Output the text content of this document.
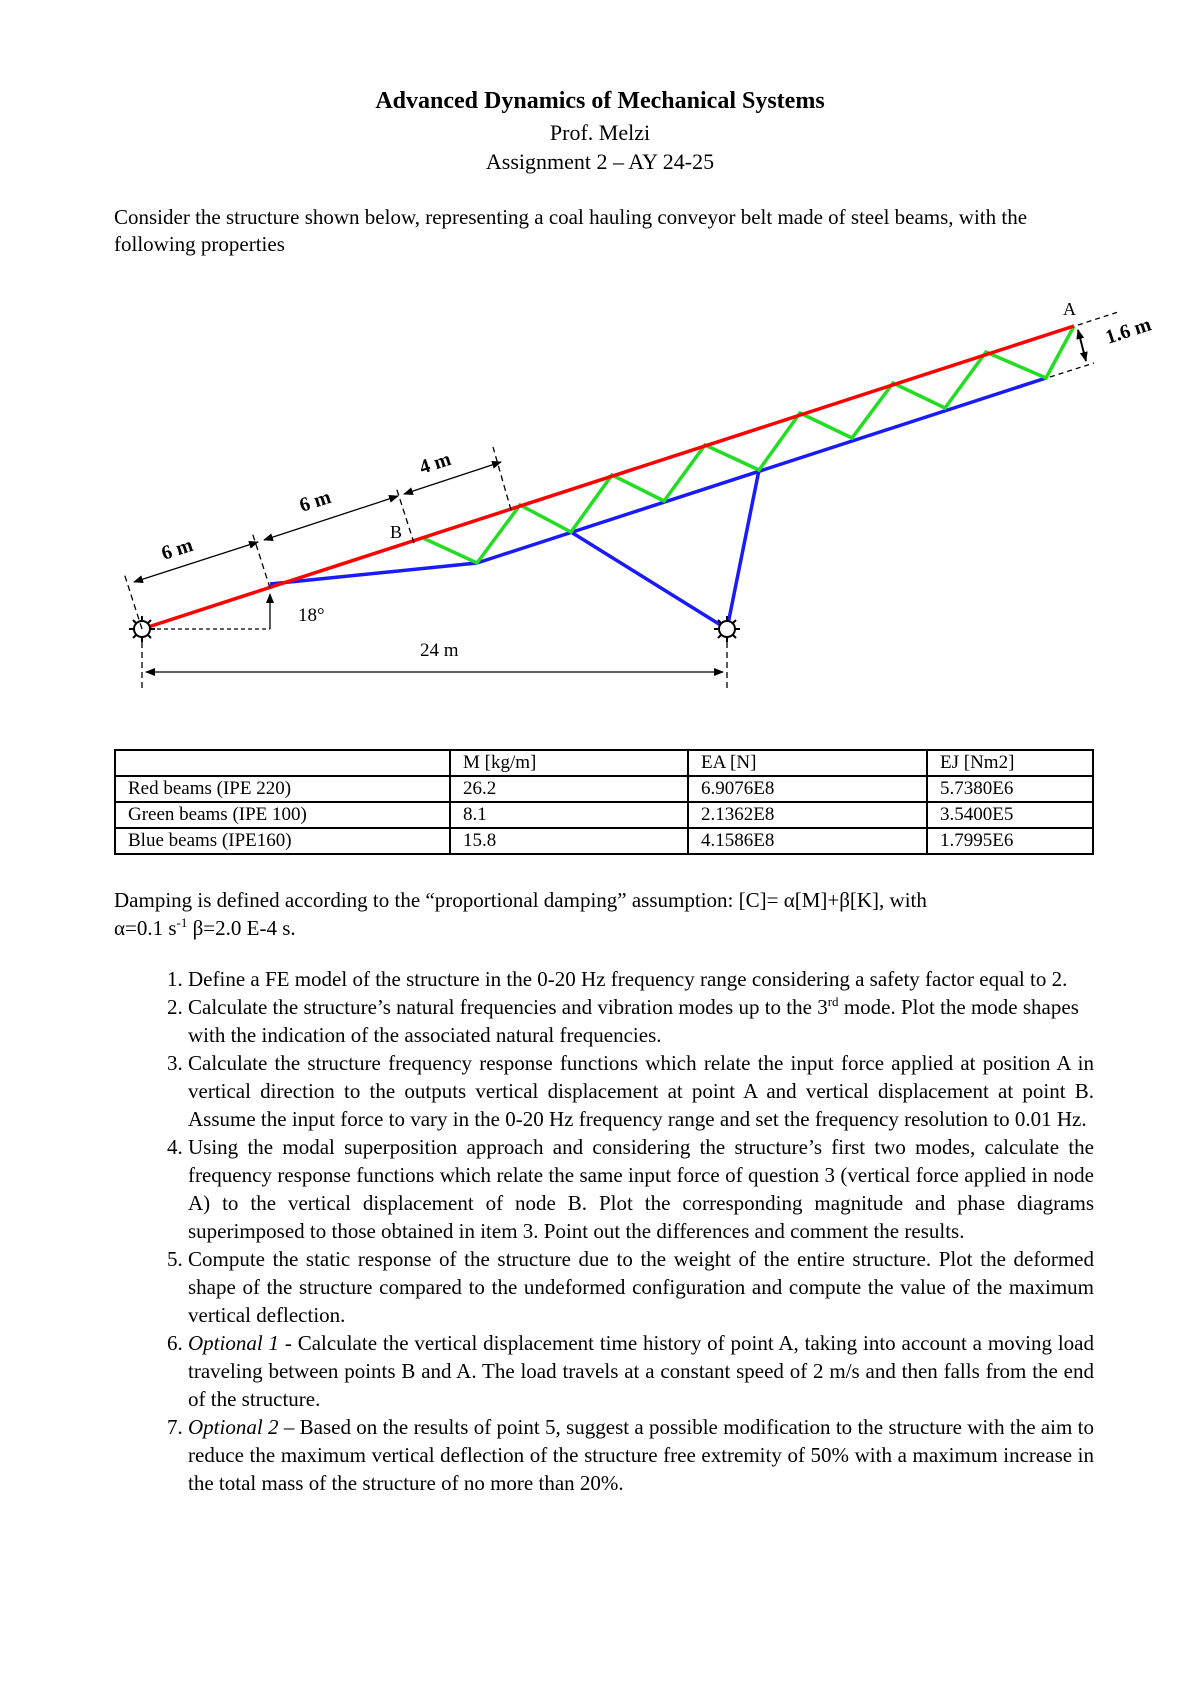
Advanced Dynamics of Mechanical Systems
Prof. Melzi
Assignment 2 – AY 24-25
Consider the structure shown below, representing a coal hauling conveyor belt made of steel beams, with the following properties
18°
24 m
6 m
6 m
4 m
B
A
1.6 m
	M [kg/m]	EA [N]	EJ [Nm2]
Red beams (IPE 220)	26.2	6.9076E8	5.7380E6
Green beams (IPE 100)	8.1	2.1362E8	3.5400E5
Blue beams (IPE160)	15.8	4.1586E8	1.7995E6
Damping is defined according to the “proportional damping” assumption: [C]= α[M]+β[K], with
α=0.1 $s^{-1}$ β=2.0 E-4 s.
1. Define a FE model of the structure in the 0-20 Hz frequency range considering a safety factor equal to 2.
2. Calculate the structure’s natural frequencies and vibration modes up to the 3rd mode. Plot the mode shapes with the indication of the associated natural frequencies.
3. Calculate the structure frequency response functions which relate the input force applied at position A in vertical direction to the outputs vertical displacement at point A and vertical displacement at point B. Assume the input force to vary in the 0-20 Hz frequency range and set the frequency resolution to 0.01 Hz.
4. Using the modal superposition approach and considering the structure’s first two modes, calculate the frequency response functions which relate the same input force of question 3 (vertical force applied in node A) to the vertical displacement of node B. Plot the corresponding magnitude and phase diagrams superimposed to those obtained in item 3. Point out the differences and comment the results.
5. Compute the static response of the structure due to the weight of the entire structure. Plot the deformed shape of the structure compared to the undeformed configuration and compute the value of the maximum vertical deflection.
6. Optional 1 - Calculate the vertical displacement time history of point A, taking into account a moving load traveling between points B and A. The load travels at a constant speed of 2 m/s and then falls from the end of the structure.
7. Optional 2 – Based on the results of point 5, suggest a possible modification to the structure with the aim to reduce the maximum vertical deflection of the structure free extremity of 50% with a maximum increase in the total mass of the structure of no more than 20%.
